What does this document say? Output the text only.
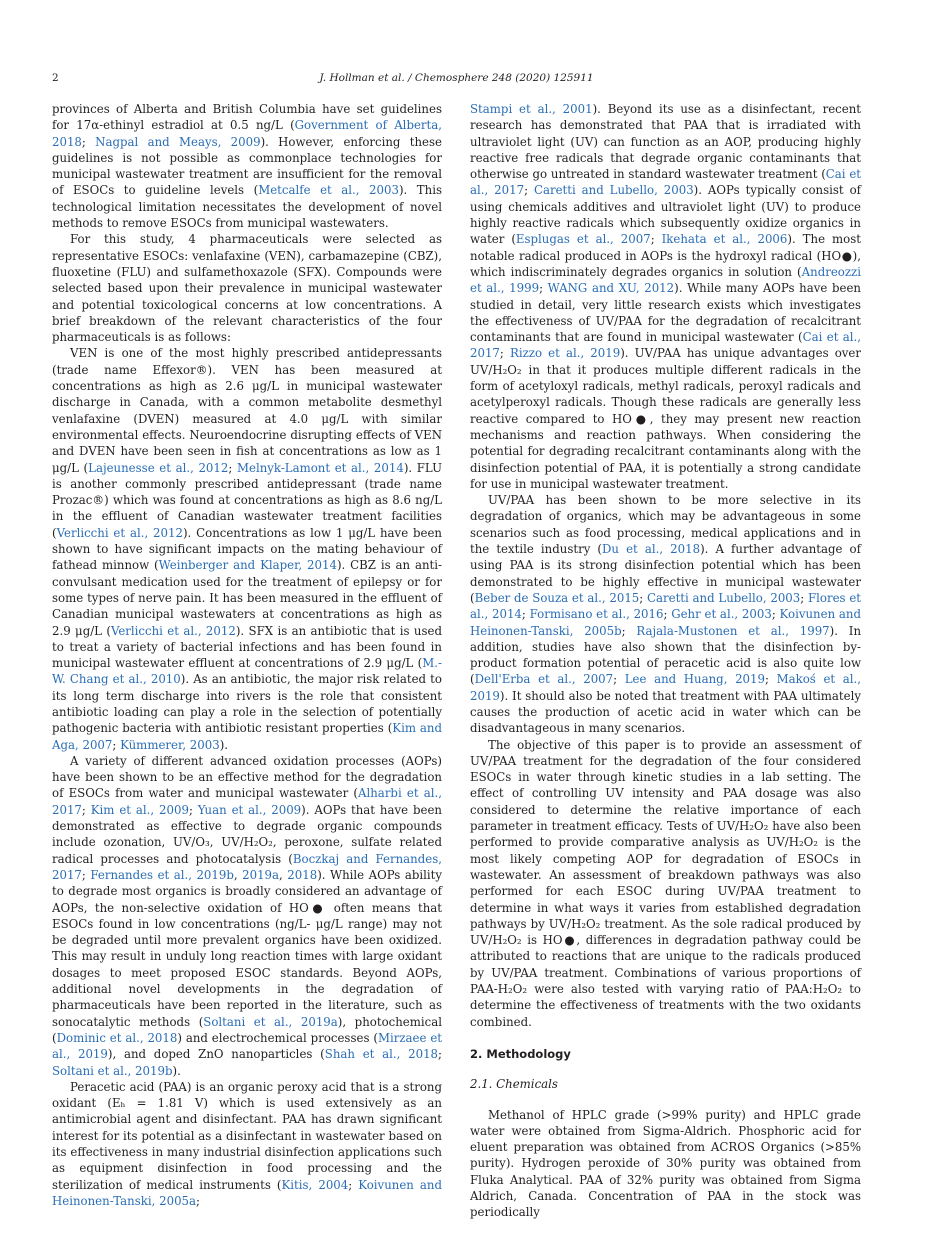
2	J. Hollman et al. / Chemosphere 248 (2020) 125911

provinces of Alberta and British Columbia have set guidelines for 17α-ethinyl estradiol at 0.5 ng/L (Government of Alberta, 2018; Nagpal and Meays, 2009). However, enforcing these guidelines is not possible as commonplace technologies for municipal wastewater treatment are insufficient for the removal of ESOCs to guideline levels (Metcalfe et al., 2003). This technological limitation necessitates the development of novel methods to remove ESOCs from municipal wastewaters.

For this study, 4 pharmaceuticals were selected as representative ESOCs: venlafaxine (VEN), carbamazepine (CBZ), fluoxetine (FLU) and sulfamethoxazole (SFX). Compounds were selected based upon their prevalence in municipal wastewater and potential toxicological concerns at low concentrations. A brief breakdown of the relevant characteristics of the four pharmaceuticals is as follows:

VEN is one of the most highly prescribed antidepressants (trade name Effexor®). VEN has been measured at concentrations as high as 2.6 μg/L in municipal wastewater discharge in Canada, with a common metabolite desmethyl venlafaxine (DVEN) measured at 4.0 μg/L with similar environmental effects. Neuroendocrine disrupting effects of VEN and DVEN have been seen in fish at concentrations as low as 1 μg/L (Lajeunesse et al., 2012; Melnyk-Lamont et al., 2014). FLU is another commonly prescribed antidepressant (trade name Prozac®) which was found at concentrations as high as 8.6 ng/L in the effluent of Canadian wastewater treatment facilities (Verlicchi et al., 2012). Concentrations as low 1 μg/L have been shown to have significant impacts on the mating behaviour of fathead minnow (Weinberger and Klaper, 2014). CBZ is an anti-convulsant medication used for the treatment of epilepsy or for some types of nerve pain. It has been measured in the effluent of Canadian municipal wastewaters at concentrations as high as 2.9 μg/L (Verlicchi et al., 2012). SFX is an antibiotic that is used to treat a variety of bacterial infections and has been found in municipal wastewater effluent at concentrations of 2.9 μg/L (M.-W. Chang et al., 2010). As an antibiotic, the major risk related to its long term discharge into rivers is the role that consistent antibiotic loading can play a role in the selection of potentially pathogenic bacteria with antibiotic resistant properties (Kim and Aga, 2007; Kümmerer, 2003).

A variety of different advanced oxidation processes (AOPs) have been shown to be an effective method for the degradation of ESOCs from water and municipal wastewater (Alharbi et al., 2017; Kim et al., 2009; Yuan et al., 2009). AOPs that have been demonstrated as effective to degrade organic compounds include ozonation, UV/O₃, UV/H₂O₂, peroxone, sulfate related radical processes and photocatalysis (Boczkaj and Fernandes, 2017; Fernandes et al., 2019b, 2019a, 2018). While AOPs ability to degrade most organics is broadly considered an advantage of AOPs, the non-selective oxidation of HO● often means that ESOCs found in low concentrations (ng/L- μg/L range) may not be degraded until more prevalent organics have been oxidized. This may result in unduly long reaction times with large oxidant dosages to meet proposed ESOC standards. Beyond AOPs, additional novel developments in the degradation of pharmaceuticals have been reported in the literature, such as sonocatalytic methods (Soltani et al., 2019a), photochemical (Dominic et al., 2018) and electrochemical processes (Mirzaee et al., 2019), and doped ZnO nanoparticles (Shah et al., 2018; Soltani et al., 2019b).

Peracetic acid (PAA) is an organic peroxy acid that is a strong oxidant (Eₕ = 1.81 V) which is used extensively as an antimicrobial agent and disinfectant. PAA has drawn significant interest for its potential as a disinfectant in wastewater based on its effectiveness in many industrial disinfection applications such as equipment disinfection in food processing and the sterilization of medical instruments (Kitis, 2004; Koivunen and Heinonen-Tanski, 2005a;

Stampi et al., 2001). Beyond its use as a disinfectant, recent research has demonstrated that PAA that is irradiated with ultraviolet light (UV) can function as an AOP, producing highly reactive free radicals that degrade organic contaminants that otherwise go untreated in standard wastewater treatment (Cai et al., 2017; Caretti and Lubello, 2003). AOPs typically consist of using chemicals additives and ultraviolet light (UV) to produce highly reactive radicals which subsequently oxidize organics in water (Esplugas et al., 2007; Ikehata et al., 2006). The most notable radical produced in AOPs is the hydroxyl radical (HO●), which indiscriminately degrades organics in solution (Andreozzi et al., 1999; WANG and XU, 2012). While many AOPs have been studied in detail, very little research exists which investigates the effectiveness of UV/PAA for the degradation of recalcitrant contaminants that are found in municipal wastewater (Cai et al., 2017; Rizzo et al., 2019). UV/PAA has unique advantages over UV/H₂O₂ in that it produces multiple different radicals in the form of acetyloxyl radicals, methyl radicals, peroxyl radicals and acetylperoxyl radicals. Though these radicals are generally less reactive compared to HO●, they may present new reaction mechanisms and reaction pathways. When considering the potential for degrading recalcitrant contaminants along with the disinfection potential of PAA, it is potentially a strong candidate for use in municipal wastewater treatment.

UV/PAA has been shown to be more selective in its degradation of organics, which may be advantageous in some scenarios such as food processing, medical applications and in the textile industry (Du et al., 2018). A further advantage of using PAA is its strong disinfection potential which has been demonstrated to be highly effective in municipal wastewater (Beber de Souza et al., 2015; Caretti and Lubello, 2003; Flores et al., 2014; Formisano et al., 2016; Gehr et al., 2003; Koivunen and Heinonen-Tanski, 2005b; Rajala-Mustonen et al., 1997). In addition, studies have also shown that the disinfection by-product formation potential of peracetic acid is also quite low (Dell'Erba et al., 2007; Lee and Huang, 2019; Makoś et al., 2019). It should also be noted that treatment with PAA ultimately causes the production of acetic acid in water which can be disadvantageous in many scenarios.

The objective of this paper is to provide an assessment of UV/PAA treatment for the degradation of the four considered ESOCs in water through kinetic studies in a lab setting. The effect of controlling UV intensity and PAA dosage was also considered to determine the relative importance of each parameter in treatment efficacy. Tests of UV/H₂O₂ have also been performed to provide comparative analysis as UV/H₂O₂ is the most likely competing AOP for degradation of ESOCs in wastewater. An assessment of breakdown pathways was also performed for each ESOC during UV/PAA treatment to determine in what ways it varies from established degradation pathways by UV/H₂O₂ treatment. As the sole radical produced by UV/H₂O₂ is HO●, differences in degradation pathway could be attributed to reactions that are unique to the radicals produced by UV/PAA treatment. Combinations of various proportions of PAA-H₂O₂ were also tested with varying ratio of PAA:H₂O₂ to determine the effectiveness of treatments with the two oxidants combined.

2. Methodology

2.1. Chemicals

Methanol of HPLC grade (>99% purity) and HPLC grade water were obtained from Sigma-Aldrich. Phosphoric acid for eluent preparation was obtained from ACROS Organics (>85% purity). Hydrogen peroxide of 30% purity was obtained from Fluka Analytical. PAA of 32% purity was obtained from Sigma Aldrich, Canada. Concentration of PAA in the stock was periodically
